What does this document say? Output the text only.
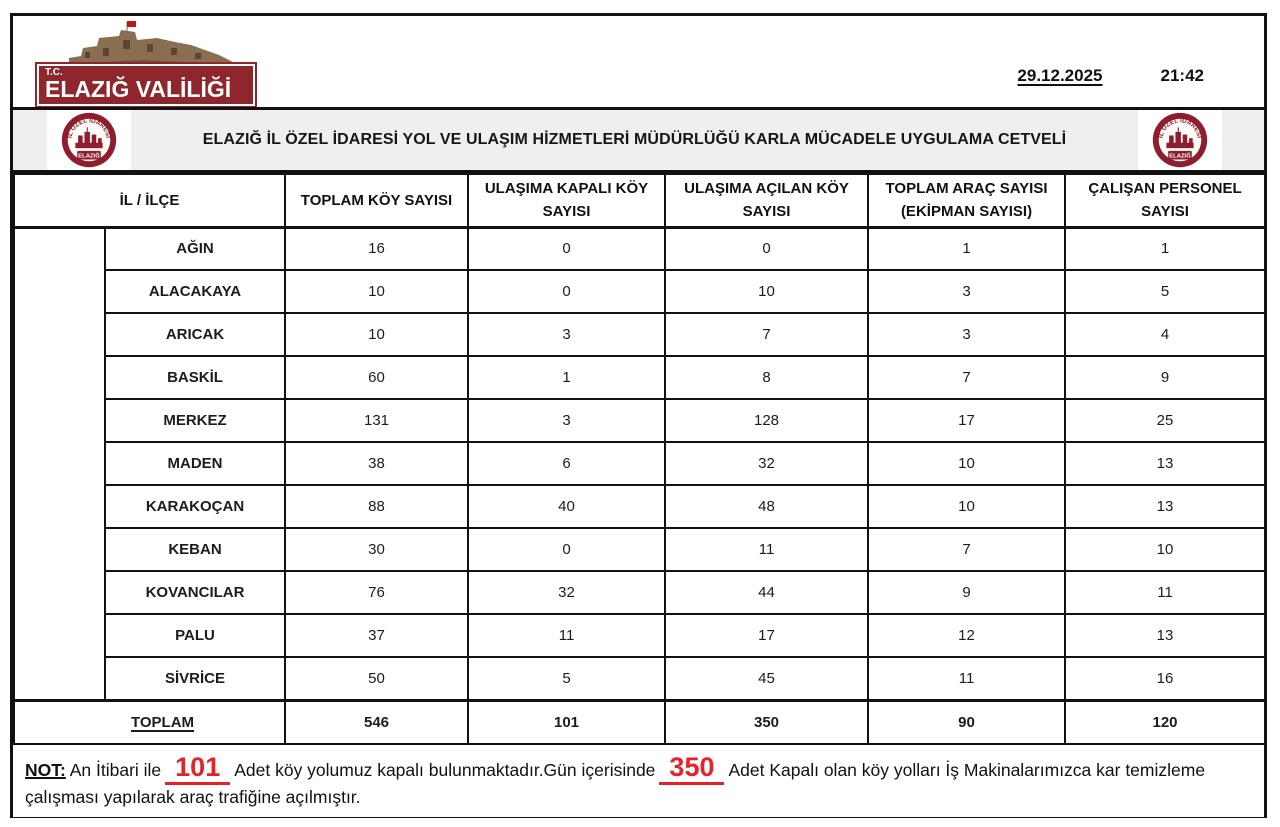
T.C.
ELAZIĞ VALİLİĞİ
29.12.2025	21:42
İL ÖZEL İDARESİ
ELAZIĞ
ELAZIĞ İL ÖZEL İDARESİ YOL VE ULAŞIM HİZMETLERİ MÜDÜRLÜĞÜ KARLA MÜCADELE UYGULAMA CETVELİ	İL ÖZEL İDARESİ
ELAZIĞ
İL / İLÇE		TOPLAM KÖY SAYISI	ULAŞIMA KAPALI KÖY SAYISI	ULAŞIMA AÇILAN KÖY SAYISI	TOPLAM ARAÇ SAYISI (EKİPMAN SAYISI)	ÇALIŞAN PERSONEL SAYISI

ELAZIĞ	AĞIN	16	0	0	1	1
	ALACAKAYA	10	0	10	3	5
	ARICAK	10	3	7	3	4
	BASKİL	60	1	8	7	9
	MERKEZ	131	3	128	17	25
	MADEN	38	6	32	10	13
	KARAKOÇAN	88	40	48	10	13
	KEBAN	30	0	11	7	10
	KOVANCILAR	76	32	44	9	11
	PALU	37	11	17	12	13
	SİVRİCE	50	5	45	11	16
TOPLAM		546	101	350	90	120
NOT: An İtibari ile 101 Adet köy yolumuz kapalı bulunmaktadır.Gün içerisinde 350 Adet Kapalı olan köy yolları İş Makinalarımızca kar temizleme çalışması yapılarak araç trafiğine açılmıştır.
